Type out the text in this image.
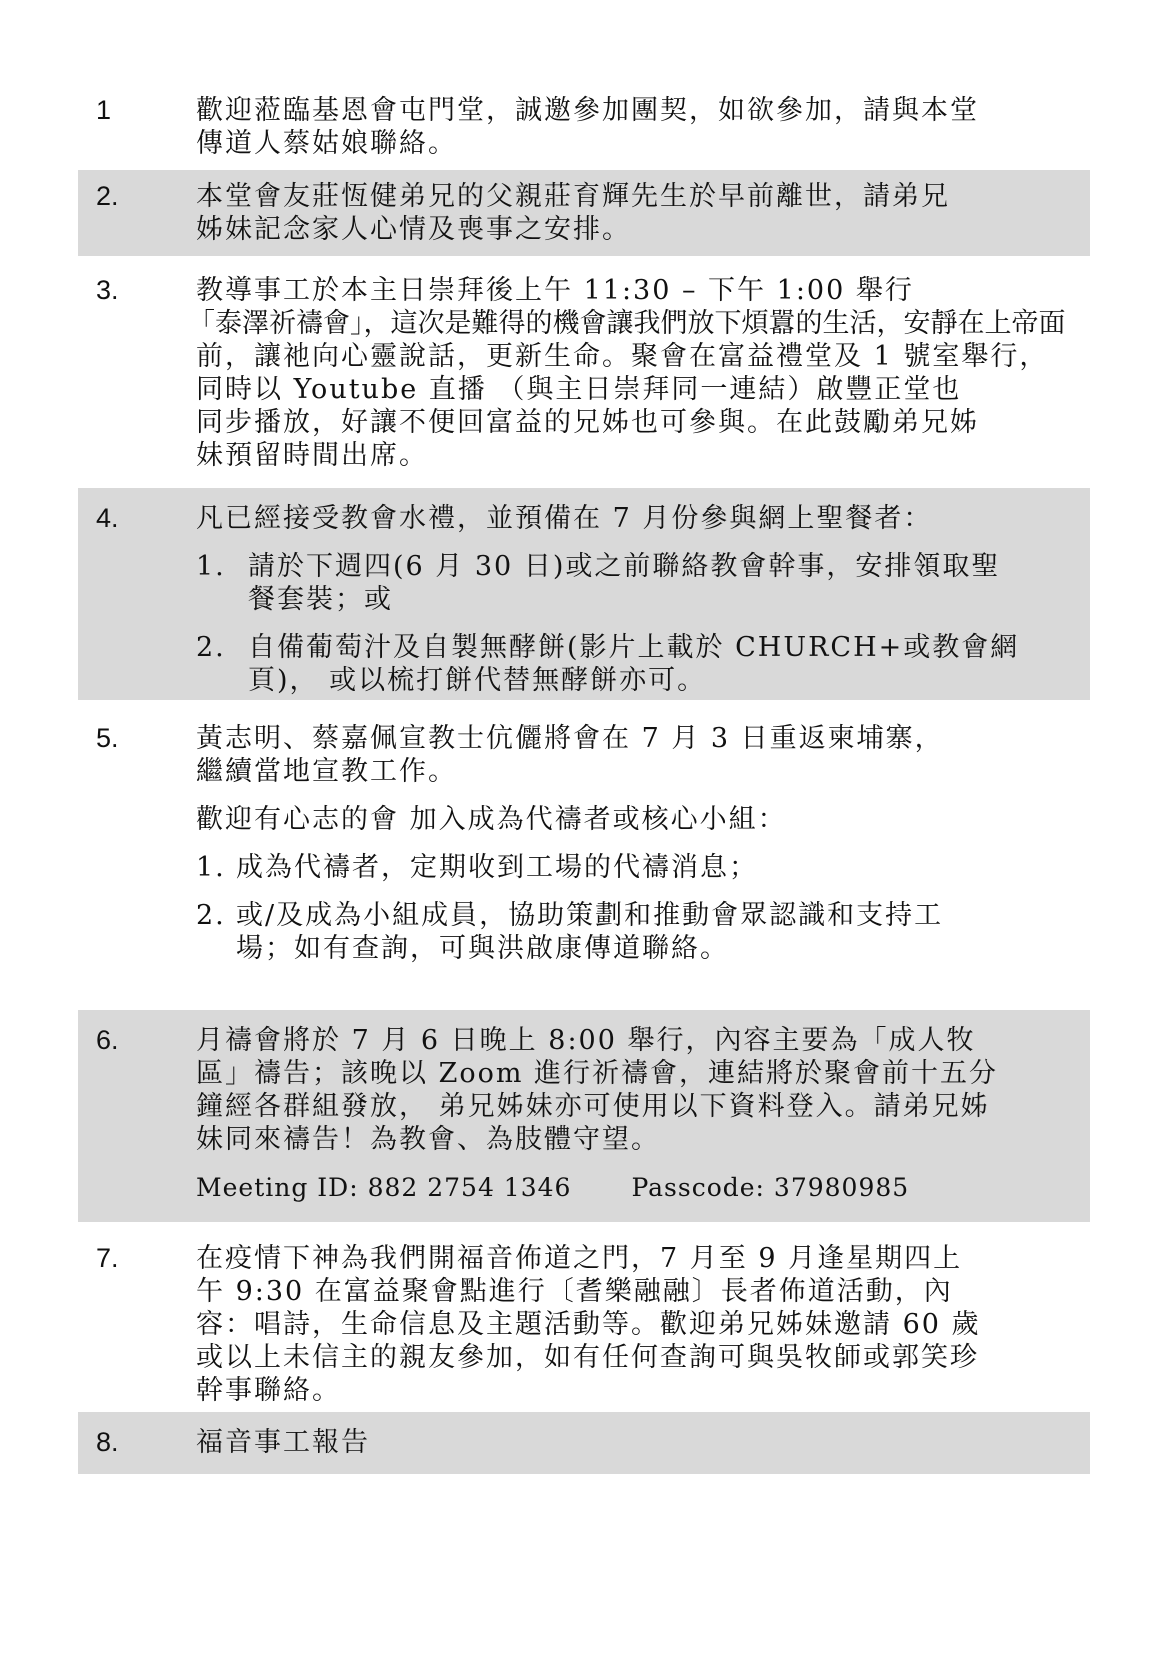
1	歡迎蒞臨基恩會屯門堂，誠邀參加團契，如欲參加，請與本堂
傳道人蔡姑娘聯絡。
2.	本堂會友莊恆健弟兄的父親莊育輝先生於早前離世，請弟兄
姊妹記念家人心情及喪事之安排。
3.	教導事工於本主日崇拜後上午 11:30 – 下午 1:00 舉行
「泰澤祈禱會」，這次是難得的機會讓我們放下煩囂的生活，安靜在上帝面
前，讓祂向心靈說話，更新生命。聚會在富益禮堂及 1 號室舉行，
同時以 Youtube 直播 （與主日崇拜同一連結）啟豐正堂也
同步播放，好讓不便回富益的兄姊也可參與。在此鼓勵弟兄姊
妹預留時間出席。
4.	凡已經接受教會水禮，並預備在 7 月份參與網上聖餐者：
1. 請於下週四(6 月 30 日)或之前聯絡教會幹事，安排領取聖
餐套裝；或
2. 自備葡萄汁及自製無酵餅(影片上載於 CHURCH+或教會網
頁)， 或以梳打餅代替無酵餅亦可。
5.	黃志明、蔡嘉佩宣教士伉儷將會在 7 月 3 日重返柬埔寨，
繼續當地宣教工作。
歡迎有心志的會 加入成為代禱者或核心小組：
1. 成為代禱者，定期收到工場的代禱消息；
2. 或/及成為小組成員，協助策劃和推動會眾認識和支持工
場；如有查詢，可與洪啟康傳道聯絡。
6.	月禱會將於 7 月 6 日晚上 8:00 舉行，內容主要為「成人牧
區」禱告；該晚以 Zoom 進行祈禱會，連結將於聚會前十五分
鐘經各群組發放， 弟兄姊妹亦可使用以下資料登入。請弟兄姊
妹同來禱告！為教會、為肢體守望。
Meeting ID: 882 2754 1346 Passcode: 37980985
7.	在疫情下神為我們開福音佈道之門，7 月至 9 月逢星期四上
午 9:30 在富益聚會點進行〔耆樂融融〕長者佈道活動，內
容：唱詩，生命信息及主題活動等。歡迎弟兄姊妹邀請 60 歲
或以上未信主的親友參加，如有任何查詢可與吳牧師或郭笑珍
幹事聯絡。
8.	福音事工報告
